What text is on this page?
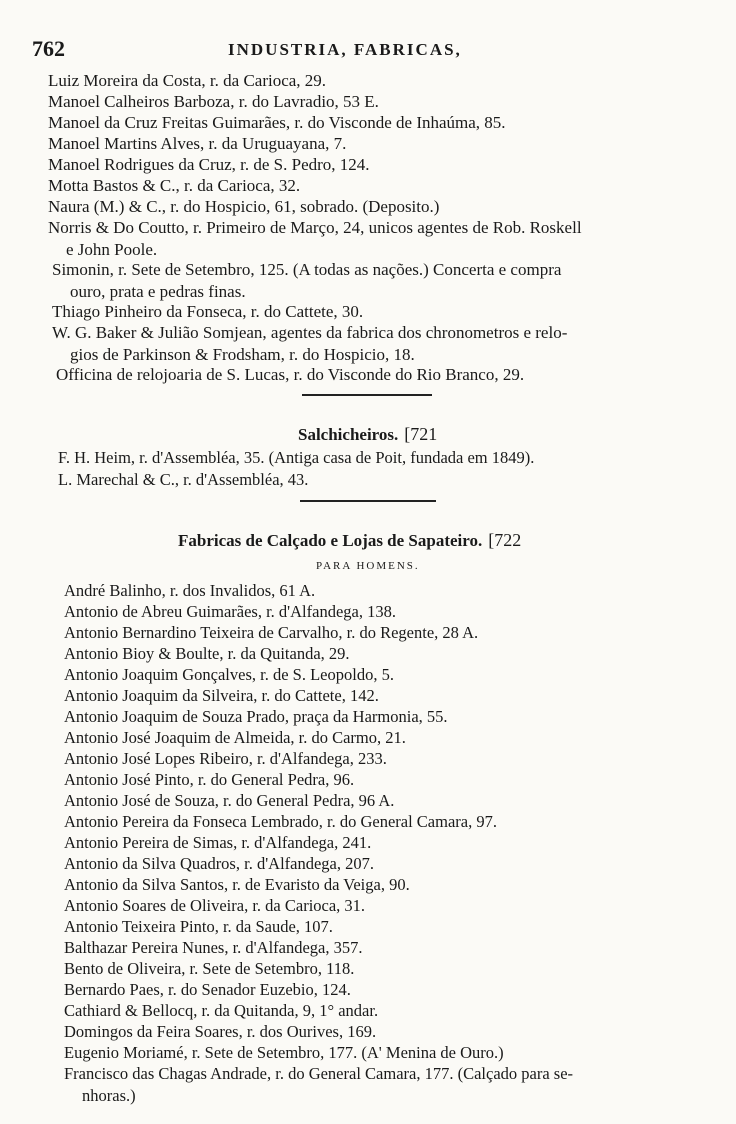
762	INDUSTRIA, FABRICAS,
Luiz Moreira da Costa, r. da Carioca, 29.
Manoel Calheiros Barboza, r. do Lavradio, 53 E.
Manoel da Cruz Freitas Guimarães, r. do Visconde de Inhaúma, 85.
Manoel Martins Alves, r. da Uruguayana, 7.
Manoel Rodrigues da Cruz, r. de S. Pedro, 124.
Motta Bastos & C., r. da Carioca, 32.
Naura (M.) & C., r. do Hospicio, 61, sobrado. (Deposito.)
Norris & Do Coutto, r. Primeiro de Março, 24, unicos agentes de Rob. Roskell
e John Poole.
Simonin, r. Sete de Setembro, 125. (A todas as nações.) Concerta e compra
ouro, prata e pedras finas.
Thiago Pinheiro da Fonseca, r. do Cattete, 30.
W. G. Baker & Julião Somjean, agentes da fabrica dos chronometros e relo-
gios de Parkinson & Frodsham, r. do Hospicio, 18.
Officina de relojoaria de S. Lucas, r. do Visconde do Rio Branco, 29.
Salchicheiros. [721
F. H. Heim, r. d'Assembléa, 35. (Antiga casa de Poit, fundada em 1849).
L. Marechal & C., r. d'Assembléa, 43.
Fabricas de Calçado e Lojas de Sapateiro. [722
PARA HOMENS.
André Balinho, r. dos Invalidos, 61 A.
Antonio de Abreu Guimarães, r. d'Alfandega, 138.
Antonio Bernardino Teixeira de Carvalho, r. do Regente, 28 A.
Antonio Bioy & Boulte, r. da Quitanda, 29.
Antonio Joaquim Gonçalves, r. de S. Leopoldo, 5.
Antonio Joaquim da Silveira, r. do Cattete, 142.
Antonio Joaquim de Souza Prado, praça da Harmonia, 55.
Antonio José Joaquim de Almeida, r. do Carmo, 21.
Antonio José Lopes Ribeiro, r. d'Alfandega, 233.
Antonio José Pinto, r. do General Pedra, 96.
Antonio José de Souza, r. do General Pedra, 96 A.
Antonio Pereira da Fonseca Lembrado, r. do General Camara, 97.
Antonio Pereira de Simas, r. d'Alfandega, 241.
Antonio da Silva Quadros, r. d'Alfandega, 207.
Antonio da Silva Santos, r. de Evaristo da Veiga, 90.
Antonio Soares de Oliveira, r. da Carioca, 31.
Antonio Teixeira Pinto, r. da Saude, 107.
Balthazar Pereira Nunes, r. d'Alfandega, 357.
Bento de Oliveira, r. Sete de Setembro, 118.
Bernardo Paes, r. do Senador Euzebio, 124.
Cathiard & Bellocq, r. da Quitanda, 9, 1° andar.
Domingos da Feira Soares, r. dos Ourives, 169.
Eugenio Moriamé, r. Sete de Setembro, 177. (A' Menina de Ouro.)
Francisco das Chagas Andrade, r. do General Camara, 177. (Calçado para se-
nhoras.)
